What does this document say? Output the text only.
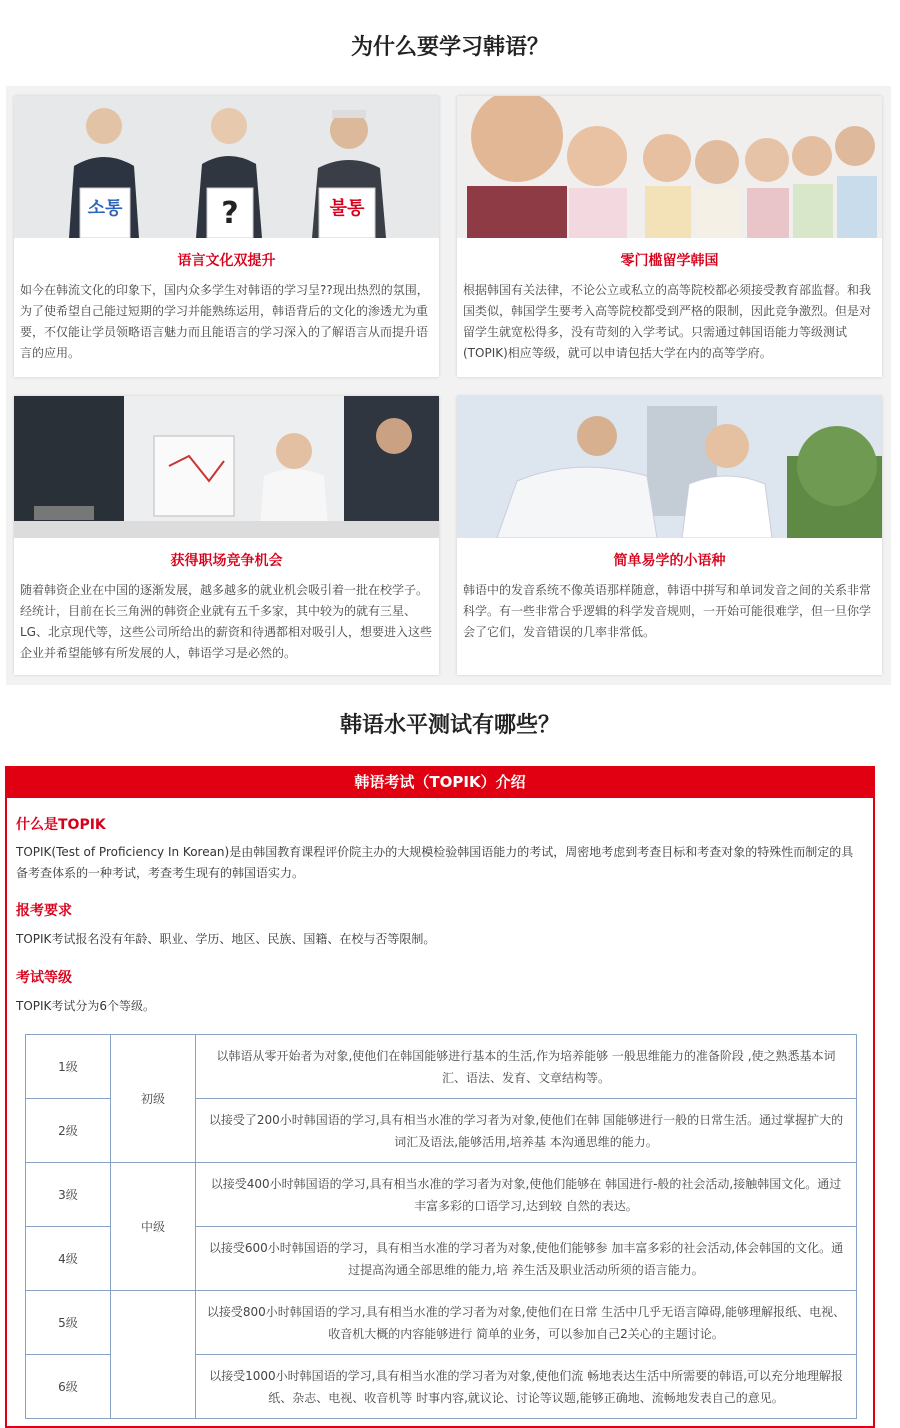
为什么要学习韩语？
소통	?	불통
语言文化双提升
如今在韩流文化的印象下，国内众多学生对韩语的学习呈??现出热烈的氛围，为了使希望自己能过短期的学习并能熟练运用，韩语背后的文化的渗透尤为重要，不仅能让学员领略语言魅力而且能语言的学习深入的了解语言从而提升语言的应用。
零门槛留学韩国
根据韩国有关法律，不论公立或私立的高等院校都必须接受教育部监督。和我国类似，韩国学生要考入高等院校都受到严格的限制，因此竞争激烈。但是对留学生就宽松得多，没有苛刻的入学考试。只需通过韩国语能力等级测试(TOPIK)相应等级，就可以申请包括大学在内的高等学府。
获得职场竞争机会
随着韩资企业在中国的逐渐发展，越多越多的就业机会吸引着一批在校学子。经统计，目前在长三角洲的韩资企业就有五千多家，其中较为的就有三星、LG、北京现代等，这些公司所给出的薪资和待遇都相对吸引人，想要进入这些企业并希望能够有所发展的人，韩语学习是必然的。
简单易学的小语种
韩语中的发音系统不像英语那样随意，韩语中拼写和单词发音之间的关系非常科学。有一些非常合乎逻辑的科学发音规则，一开始可能很难学，但一旦你学会了它们，发音错误的几率非常低。
韩语水平测试有哪些？
韩语考试（TOPIK）介绍
什么是TOPIK
TOPIK(Test of Proficiency In Korean)是由韩国教育课程评价院主办的大规模检验韩国语能力的考试，周密地考虑到考查目标和考查对象的特殊性而制定的具备考查体系的一种考试，考查考生现有的韩国语实力。
报考要求
TOPIK考试报名没有年龄、职业、学历、地区、民族、国籍、在校与否等限制。
考试等级
TOPIK考试分为6个等级。
1级	初级	以韩语从零开始者为对象,使他们在韩国能够进行基本的生活,作为培养能够 一般思维能力的准备阶段 ,使之熟悉基本词汇、语法、发育、文章结构等。
2级		以接受了200小时韩国语的学习,具有相当水准的学习者为对象,使他们在韩 国能够进行一般的日常生活。通过掌握扩大的词汇及语法,能够活用,培养基 本沟通思维的能力。
3级	中级	以接受400小时韩国语的学习,具有相当水准的学习者为对象,使他们能够在 韩国进行-般的社会活动,接触韩国文化。通过丰富多彩的口语学习,达到较 自然的表达。
4级		以接受600小时韩国语的学习，具有相当水准的学习者为对象,使他们能够参 加丰富多彩的社会活动,体会韩国的文化。通过提高沟通全部思维的能力,培 养生活及职业活动所须的语言能力。
5级		以接受800小时韩国语的学习,具有相当水准的学习者为对象,使他们在日常 生活中几乎无语言障碍,能够理解报纸、电视、收音机大概的内容能够进行 简单的业务，可以参加自己2关心的主题讨论。
6级		以接受1000小时韩国语的学习,具有相当水准的学习者为对象,使他们流 畅地表达生活中所需要的韩语,可以充分地理解报纸、杂志、电视、收音机等 时事内容,就议论、讨论等议题,能够正确地、流畅地发表自己的意见。
